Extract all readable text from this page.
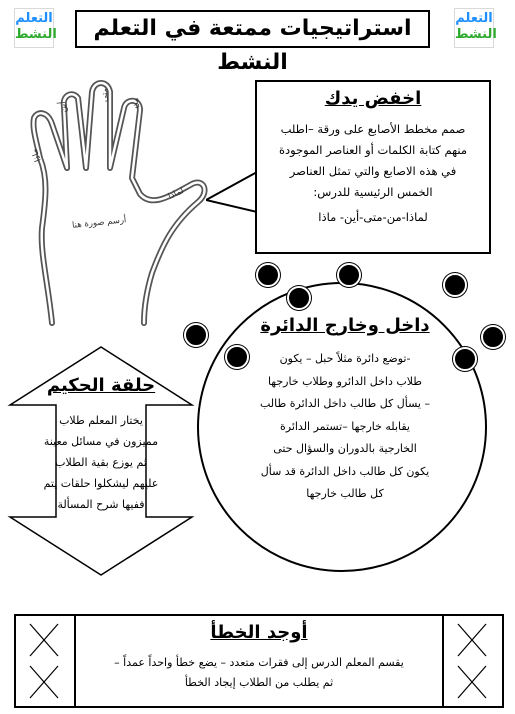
التعلم
النشط
التعلم
النشط
استراتيجيات ممتعة في التعلم النشط
أرسم صورة هنا
لماذا
من
متى
أين
ماذا
اخفض يدك
صمم مخطط الأصابع على ورقة –اطلب
منهم كتابة الكلمات أو العناصر الموجودة
في هذه الاصابع والتي تمثل العناصر
الخمس الرئيسية للدرس:
لماذا-من-متى-أين- ماذا
حلقة الحكيم
يختار المعلم طلاب
مميزون في مسائل معينة
ثم يوزع بقية الطلاب
عليهم ليشكلوا حلقات يتم
ففيها شرح المسألة
داخل وخارج الدائرة
-توضع دائرة مثلاً حبل – يكون
طلاب داخل الدائرو وطلاب خارجها
– يسأل كل طالب داخل الدائرة طالب
يقابله خارجها –تستمر الدائرة
الخارجية بالدوران والسؤال حتى
يكون كل طالب داخل الدائرة قد سأل
كل طالب خارجها
أوجد الخطأ
يقسم المعلم الدرس إلى فقرات متعدد – يضع خطأ واحداً عمداً –
ثم يطلب من الطلاب إيجاد الخطأ
